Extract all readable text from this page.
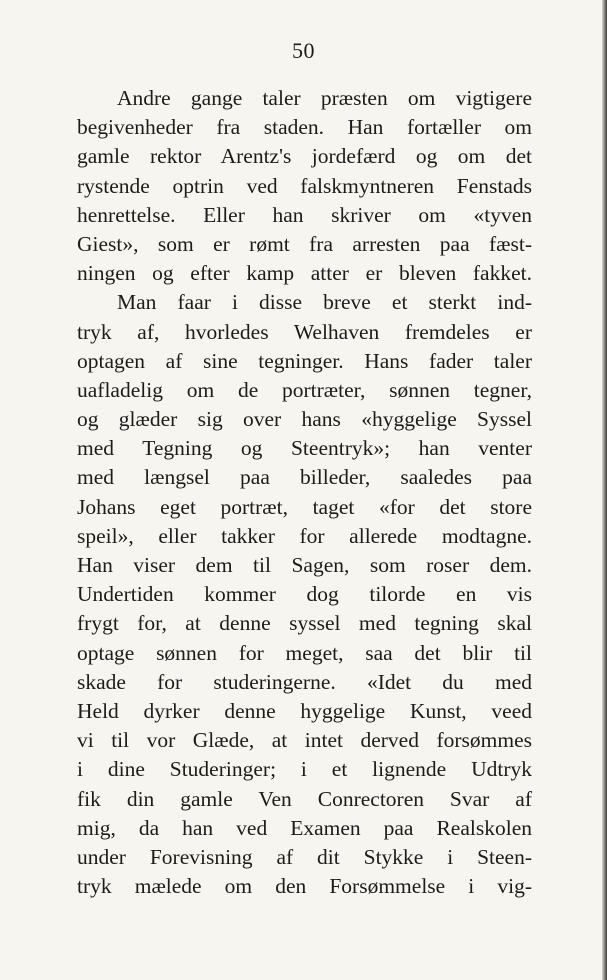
50
Andre gange taler præsten om vigtigere
begivenheder fra staden. Han fortæller om
gamle rektor Arentz's jordefærd og om det
rystende optrin ved falskmyntneren Fenstads
henrettelse. Eller han skriver om «tyven
Giest», som er rømt fra arresten paa fæst-
ningen og efter kamp atter er bleven fakket.
Man faar i disse breve et sterkt ind-
tryk af, hvorledes Welhaven fremdeles er
optagen af sine tegninger. Hans fader taler
uafladelig om de portræter, sønnen tegner,
og glæder sig over hans «hyggelige Syssel
med Tegning og Steentryk»; han venter
med længsel paa billeder, saaledes paa
Johans eget portræt, taget «for det store
speil», eller takker for allerede modtagne.
Han viser dem til Sagen, som roser dem.
Undertiden kommer dog tilorde en vis
frygt for, at denne syssel med tegning skal
optage sønnen for meget, saa det blir til
skade for studeringerne. «Idet du med
Held dyrker denne hyggelige Kunst, veed
vi til vor Glæde, at intet derved forsømmes
i dine Studeringer; i et lignende Udtryk
fik din gamle Ven Conrectoren Svar af
mig, da han ved Examen paa Realskolen
under Forevisning af dit Stykke i Steen-
tryk mælede om den Forsømmelse i vig-
